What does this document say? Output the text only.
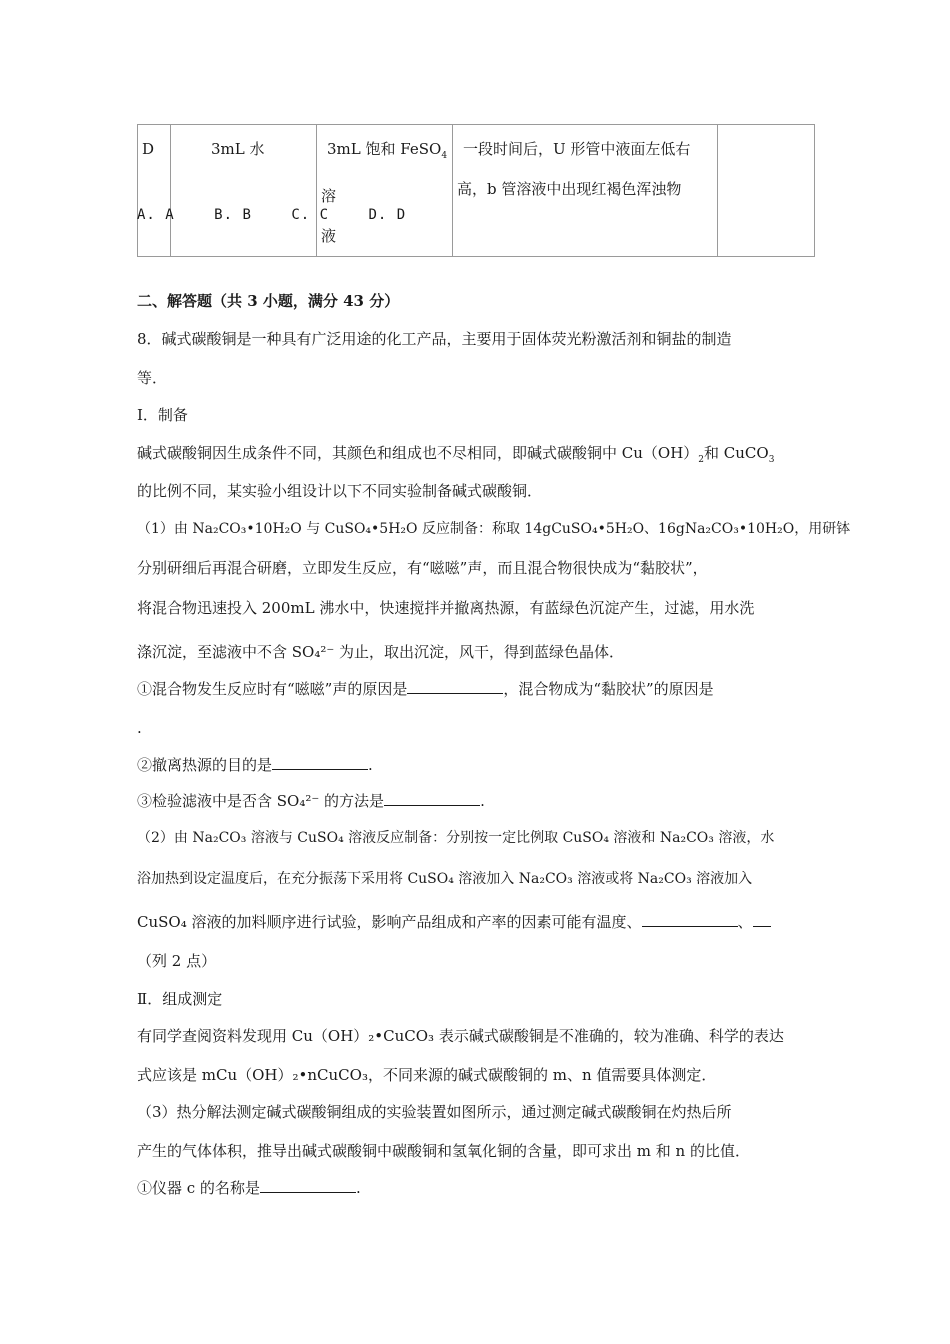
D	3mL 水	3mL 饱和 FeSO$_4$溶
液	一段时间后，U 形管中液面左低右
高，b 管溶液中出现红褐色浑浊物	
A. A	B. B	C. C	D. D
二、解答题（共 3 小题，满分 43 分）
8．碱式碳酸铜是一种具有广泛用途的化工产品，主要用于固体荧光粉激活剂和铜盐的制造
等．
Ⅰ．制备
碱式碳酸铜因生成条件不同，其颜色和组成也不尽相同，即碱式碳酸铜中 $Cu(OH)_2$和 CuCO$_3$
的比例不同，某实验小组设计以下不同实验制备碱式碳酸铜．
（1）由 Na₂CO₃•10H₂O 与 CuSO₄•5H₂O 反应制备：称取 14gCuSO₄•5H₂O、16gNa₂CO₃•10H₂O，用研钵
分别研细后再混合研磨，立即发生反应，有“嗞嗞”声，而且混合物很快成为“黏胶状”，
将混合物迅速投入 200mL 沸水中，快速搅拌并撤离热源，有蓝绿色沉淀产生，过滤，用水洗
涤沉淀，至滤液中不含 SO₄²⁻ 为止，取出沉淀，风干，得到蓝绿色晶体．
①混合物发生反应时有“嗞嗞”声的原因是	，混合物成为“黏胶状”的原因是
.
②撤离热源的目的是	.
③检验滤液中是否含 SO₄²⁻ 的方法是	.
（2）由 Na₂CO₃ 溶液与 CuSO₄ 溶液反应制备：分别按一定比例取 CuSO₄ 溶液和 Na₂CO₃ 溶液，水
浴加热到设定温度后，在充分振荡下采用将 CuSO₄ 溶液加入 Na₂CO₃ 溶液或将 Na₂CO₃ 溶液加入
CuSO₄ 溶液的加料顺序进行试验，影响产品组成和产率的因素可能有温度、	、
（列 2 点）
Ⅱ．组成测定
有同学查阅资料发现用 Cu（OH）₂•CuCO₃ 表示碱式碳酸铜是不准确的，较为准确、科学的表达
式应该是 mCu（OH）₂•nCuCO₃，不同来源的碱式碳酸铜的 m、n 值需要具体测定．
（3）热分解法测定碱式碳酸铜组成的实验装置如图所示，通过测定碱式碳酸铜在灼热后所
产生的气体体积，推导出碱式碳酸铜中碳酸铜和氢氧化铜的含量，即可求出 m 和 n 的比值．
①仪器 c 的名称是	.
